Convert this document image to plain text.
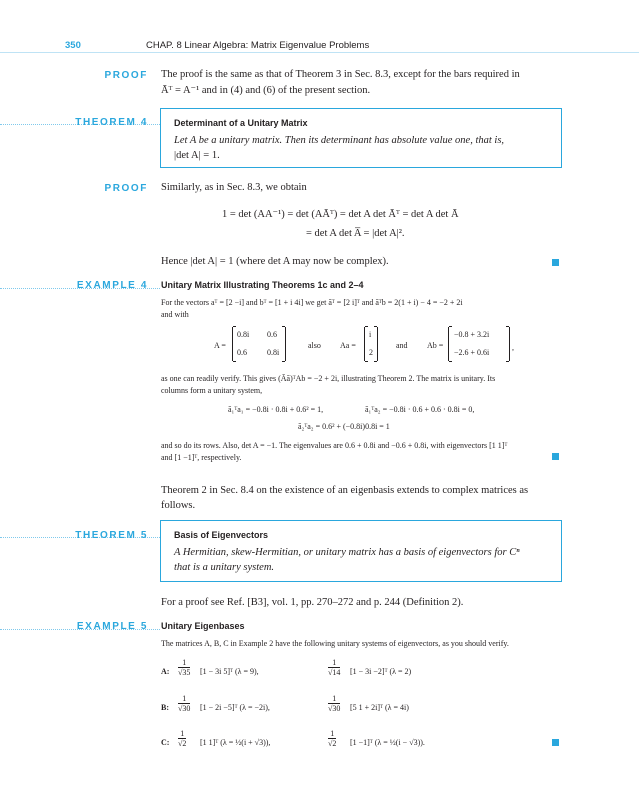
350	CHAP. 8 Linear Algebra: Matrix Eigenvalue Problems
PROOF The proof is the same as that of Theorem 3 in Sec. 8.3, except for the bars required in
Āᵀ = A⁻¹ and in (4) and (6) of the present section.
THEOREM 4	Determinant of a Unitary Matrix
Let A be a unitary matrix. Then its determinant has absolute value one, that is,
|det A| = 1.
PROOF Similarly, as in Sec. 8.3, we obtain
1 = det (AA⁻¹) = det (AĀᵀ) = det A det Āᵀ = det A det Ā
= det A det A̅ = |det A|².
Hence |det A| = 1 (where det A may now be complex).
EXAMPLE 4 Unitary Matrix Illustrating Theorems 1c and 2–4
For the vectors aᵀ = [2 −i] and bᵀ = [1 + i 4i] we get āᵀ = [2 i]ᵀ and āᵀb = 2(1 + i) − 4 = −2 + 2i
and with
A =
0.8i 0.6
0.6	0.8i
also Aa =
i
2
and Ab =
−0.8 + 3.2i
−2.6 + 0.6i
,
as one can readily verify. This gives (Āā)ᵀAb = −2 + 2i, illustrating Theorem 2. The matrix is unitary. Its
columns form a unitary system,
ā₁ᵀa₁ = −0.8i · 0.8i + 0.6² = 1,	ā₁ᵀa₂ = −0.8i · 0.6 + 0.6 · 0.8i = 0,
ā₂ᵀa₂ = 0.6² + (−0.8i)0.8i = 1
and so do its rows. Also, det A = −1. The eigenvalues are 0.6 + 0.8i and −0.6 + 0.8i, with eigenvectors [1 1]ᵀ
and [1 −1]ᵀ, respectively.
Theorem 2 in Sec. 8.4 on the existence of an eigenbasis extends to complex matrices as
follows.
THEOREM 5	Basis of Eigenvectors
A Hermitian, skew-Hermitian, or unitary matrix has a basis of eigenvectors for Cⁿ
that is a unitary system.
For a proof see Ref. [B3], vol. 1, pp. 270–272 and p. 244 (Definition 2).
EXAMPLE 5 Unitary Eigenbases
The matrices A, B, C in Example 2 have the following unitary systems of eigenvectors, as you should verify.
A: $\frac{1}{√35} [1 - 3i$ 5]ᵀ (λ = 9),	$\frac{1}{√14} [1 - 3i$ −2]ᵀ (λ = 2)
B: $\frac{1}{√30} [1 - 2i$ −5]ᵀ (λ = −2i),	$\frac{1}{√30} [5$ 1 + 2i]ᵀ (λ = 4i)
C: $\frac{1}{√2} [1$ 1]ᵀ (λ = ½(i + √3)),	$\frac{1}{√2} [1$ −1]ᵀ (λ = ½(i − √3)).
